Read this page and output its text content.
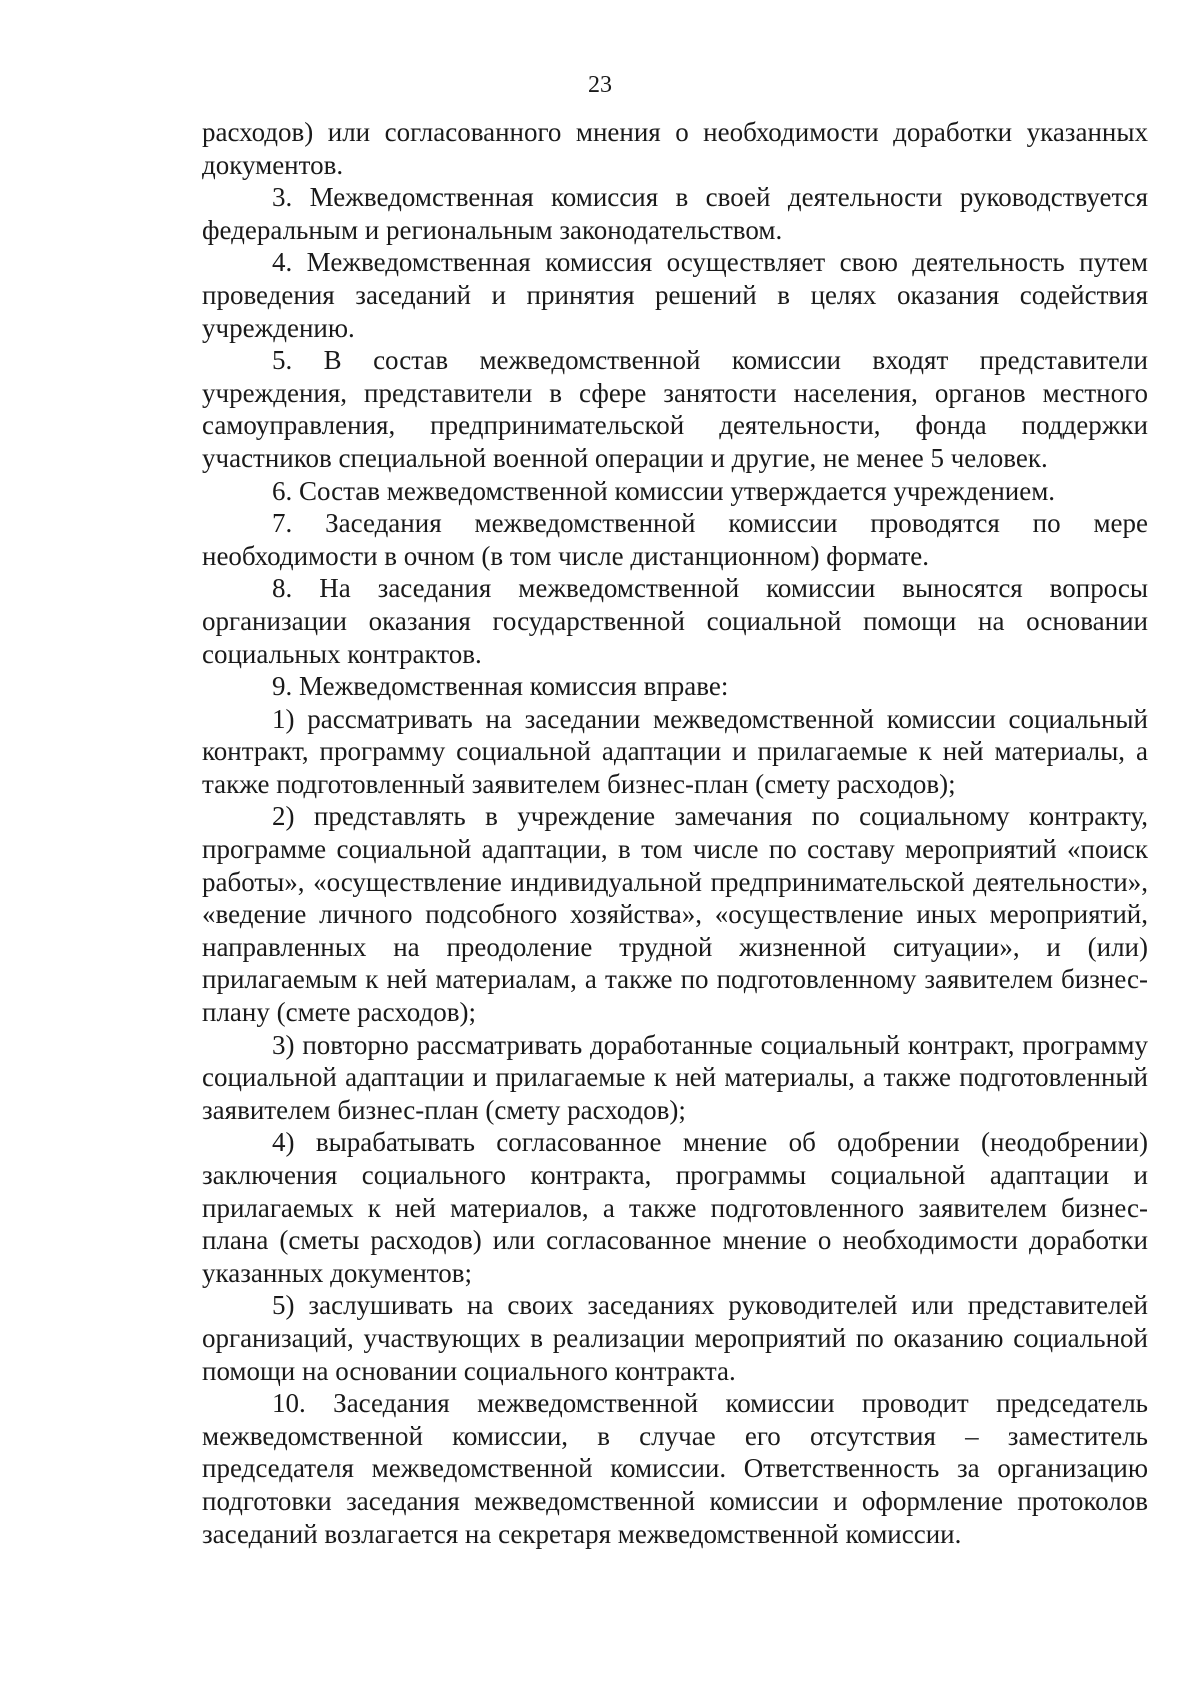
23

расходов) или согласованного мнения о необходимости доработки указанных документов.

3. Межведомственная комиссия в своей деятельности руководствуется федеральным и региональным законодательством.

4. Межведомственная комиссия осуществляет свою деятельность путем проведения заседаний и принятия решений в целях оказания содействия учреждению.

5. В состав межведомственной комиссии входят представители учреждения, представители в сфере занятости населения, органов местного самоуправления, предпринимательской деятельности, фонда поддержки участников специальной военной операции и другие, не менее 5 человек.

6. Состав межведомственной комиссии утверждается учреждением.

7. Заседания межведомственной комиссии проводятся по мере необходимости в очном (в том числе дистанционном) формате.

8. На заседания межведомственной комиссии выносятся вопросы организации оказания государственной социальной помощи на основании социальных контрактов.

9. Межведомственная комиссия вправе:

1) рассматривать на заседании межведомственной комиссии социальный контракт, программу социальной адаптации и прилагаемые к ней материалы, а также подготовленный заявителем бизнес-план (смету расходов);

2) представлять в учреждение замечания по социальному контракту, программе социальной адаптации, в том числе по составу мероприятий «поиск работы», «осуществление индивидуальной предпринимательской деятельности», «ведение личного подсобного хозяйства», «осуществление иных мероприятий, направленных на преодоление трудной жизненной ситуации», и (или) прилагаемым к ней материалам, а также по подготовленному заявителем бизнес-плану (смете расходов);

3) повторно рассматривать доработанные социальный контракт, программу социальной адаптации и прилагаемые к ней материалы, а также подготовленный заявителем бизнес-план (смету расходов);

4) вырабатывать согласованное мнение об одобрении (неодобрении) заключения социального контракта, программы социальной адаптации и прилагаемых к ней материалов, а также подготовленного заявителем бизнес-плана (сметы расходов) или согласованное мнение о необходимости доработки указанных документов;

5) заслушивать на своих заседаниях руководителей или представителей организаций, участвующих в реализации мероприятий по оказанию социальной помощи на основании социального контракта.

10. Заседания межведомственной комиссии проводит председатель межведомственной комиссии, в случае его отсутствия – заместитель председателя межведомственной комиссии. Ответственность за организацию подготовки заседания межведомственной комиссии и оформление протоколов заседаний возлагается на секретаря межведомственной комиссии.
